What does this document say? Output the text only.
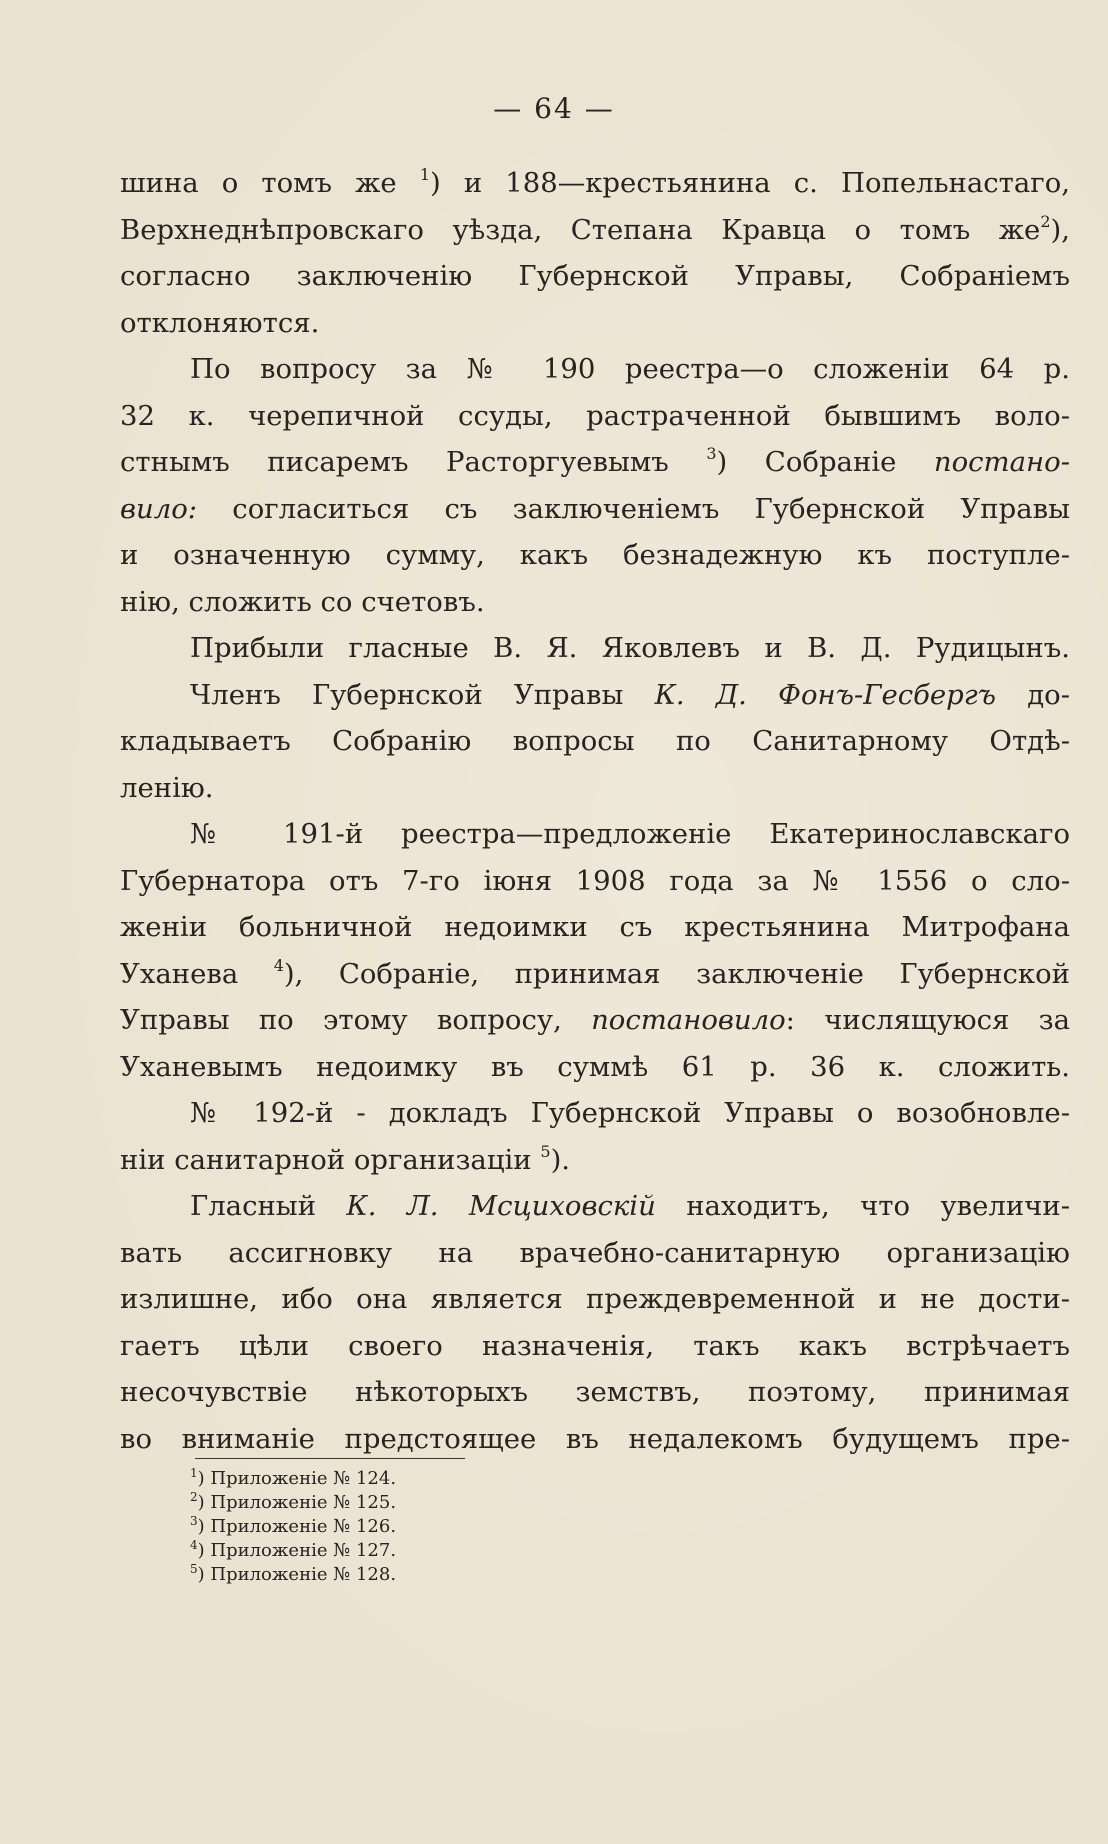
— 64 —
шина о томъ же $^1$) и 188—крестьянина с. Попельнастаго,
Верхнеднѣпровскаго уѣзда, Степана Кравца о томъ $же^2$),
согласно заключенію Губернской Управы, Собраніемъ
отклоняются.
По вопросу за № 190 реестра—о сложеніи 64 р.
32 к. черепичной ссуды, растраченной бывшимъ воло-
стнымъ писаремъ Расторгуевымъ $^3$) Собраніе постано-
вило: согласиться съ заключеніемъ Губернской Управы
и означенную сумму, какъ безнадежную къ поступле-
нію, сложить со счетовъ.
Прибыли гласные В. Я. Яковлевъ и В. Д. Рудицынъ.
Членъ Губернской Управы К. Д. Фонъ-Гесбергъ до-
кладываетъ Собранію вопросы по Санитарному Отдѣ-
ленію.
№ 191-й реестра—предложеніе Екатеринославскаго
Губернатора отъ 7-го іюня 1908 года за № 1556 о сло-
женіи больничной недоимки съ крестьянина Митрофана
Уханева $^4$), Собраніе, принимая заключеніе Губернской
Управы по этому вопросу, постановило: числящуюся за
Уханевымъ недоимку въ суммѣ 61 р. 36 к. сложить.
№ 192-й - докладъ Губернской Управы о возобновле-
ніи санитарной организаціи $^5$).
Гласный К. Л. Мсциховскій находитъ, что увеличи-
вать ассигновку на врачебно-санитарную организацію
излишне, ибо она является преждевременной и не дости-
гаетъ цѣли своего назначенія, такъ какъ встрѣчаетъ
несочувствіе нѣкоторыхъ земствъ, поэтому, принимая
во вниманіе предстоящее въ недалекомъ будущемъ пре-
$^1$) Приложеніе № 124.
$^2$) Приложеніе № 125.
$^3$) Приложеніе № 126.
$^4$) Приложеніе № 127.
$^5$) Приложеніе № 128.
